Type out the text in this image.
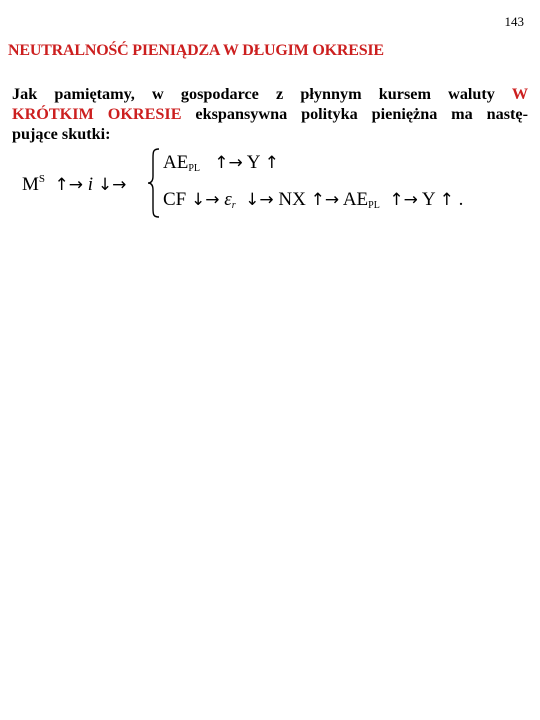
143
NEUTRALNOŚĆ PIENIĄDZA W DŁUGIM OKRESIE
Jak pamiętamy, w gospodarce z płynnym kursem waluty W
KRÓTKIM OKRESIE ekspansywna polityka pieniężna ma nastę-
pujące skutki:
$M^S$ ↑→ i ↓→
$AE_{PL}$ ↑→ Y ↑
CF ↓→ $\varepsilon_r$ ↓→ NX ↑→ $AE_{PL}$ ↑→ Y ↑ .
